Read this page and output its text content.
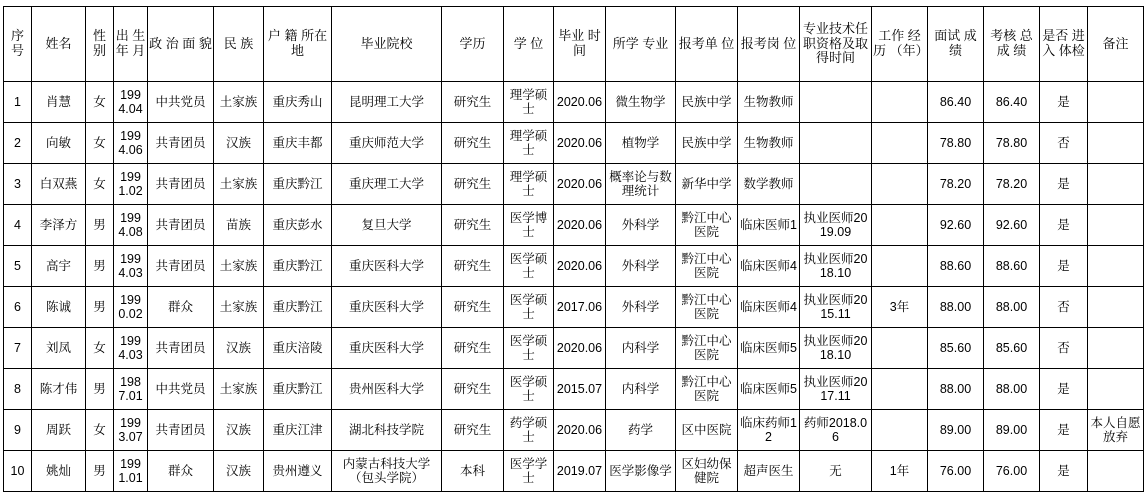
序 号	姓名	性 别	出 生 年 月	政 治 面 貌	民 族	户 籍 所在地	毕业院校	学历	学 位	毕业 时间	所学 专业	报考单 位	报考岗 位	专业技术任职资格及取得时间	工作 经历 （年）	面试 成绩	考核 总成 绩	是否 进入 体检	备注
1	肖慧	女	1994.04	中共党员	土家族	重庆秀山	昆明理工大学	研究生	理学硕士	2020.06	微生物学	民族中学	生物教师			86.40	86.40	是	
2	向敏	女	1994.06	共青团员	汉族	重庆丰都	重庆师范大学	研究生	理学硕士	2020.06	植物学	民族中学	生物教师			78.80	78.80	否	
3	白双燕	女	1991.02	共青团员	土家族	重庆黔江	重庆理工大学	研究生	理学硕士	2020.06	概率论与数理统计	新华中学	数学教师			78.20	78.20	是	
4	李泽方	男	1994.08	共青团员	苗族	重庆彭水	复旦大学	研究生	医学博士	2020.06	外科学	黔江中心医院	临床医师1	执业医师2019.09		92.60	92.60	是	
5	高宇	男	1994.03	共青团员	土家族	重庆黔江	重庆医科大学	研究生	医学硕士	2020.06	外科学	黔江中心医院	临床医师4	执业医师2018.10		88.60	88.60	是	
6	陈诚	男	1990.02	群众	土家族	重庆黔江	重庆医科大学	研究生	医学硕士	2017.06	外科学	黔江中心医院	临床医师4	执业医师2015.11	3年	88.00	88.00	否	
7	刘凤	女	1994.03	共青团员	汉族	重庆涪陵	重庆医科大学	研究生	医学硕士	2020.06	内科学	黔江中心医院	临床医师5	执业医师2018.10		85.60	85.60	否	
8	陈才伟	男	1987.01	中共党员	土家族	重庆黔江	贵州医科大学	研究生	医学硕士	2015.07	内科学	黔江中心医院	临床医师5	执业医师2017.11		88.00	88.00	是	
9	周跃	女	1993.07	共青团员	汉族	重庆江津	湖北科技学院	研究生	药学硕士	2020.06	药学	区中医院	临床药师12	药师2018.06		89.00	89.00	是	本人自愿放弃
10	姚灿	男	1991.01	群众	汉族	贵州遵义	内蒙古科技大学（包头学院）	本科	医学学士	2019.07	医学影像学	区妇幼保健院	超声医生	无	1年	76.00	76.00	是	
